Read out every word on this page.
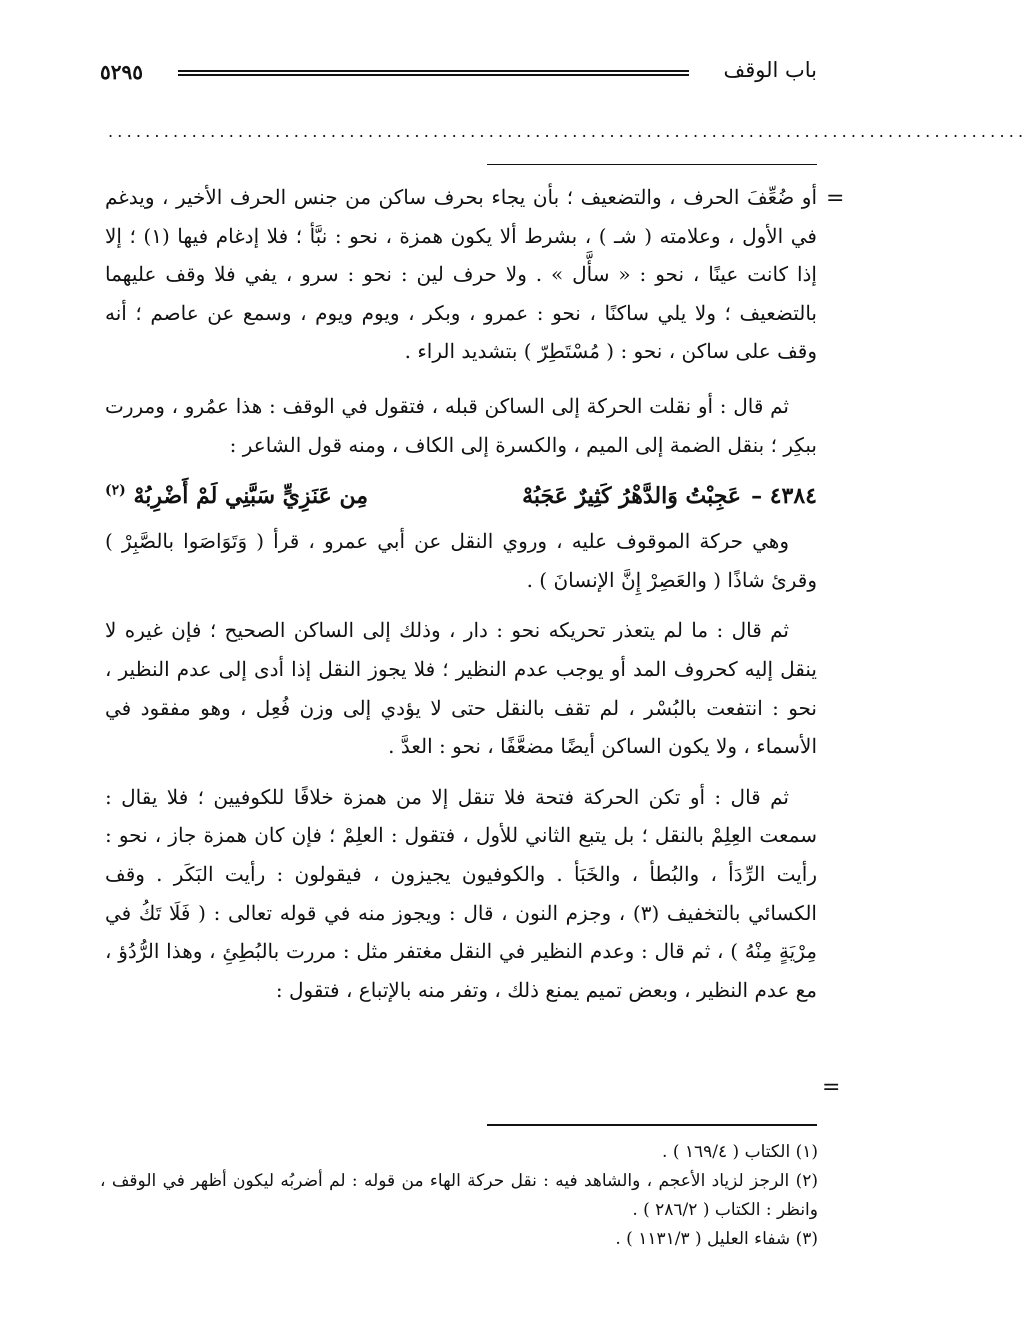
باب الوقف
٥٢٩٥
...................................................................................................
=

أو ضُعِّفَ الحرف ، والتضعيف ؛ بأن يجاء بحرف ساكن من جنس الحرف الأخير ، ويدغم في الأول ، وعلامته ( شـ ) ، بشرط ألا يكون همزة ، نحو : نبَّأ ؛ فلا إدغام فيها (١) ؛ إلا إذا كانت عينًا ، نحو : « سأَّل » . ولا حرف لين : نحو : سرو ، يفي فلا وقف عليهما بالتضعيف ؛ ولا يلي ساكنًا ، نحو : عمرو ، وبكر ، ويوم ويوم ، وسمع عن عاصم ؛ أنه وقف على ساكن ، نحو : ( مُسْتَطِرّ ) بتشديد الراء .

ثم قال : أو نقلت الحركة إلى الساكن قبله ، فتقول في الوقف : هذا عمُرو ، ومررت ببكِر ؛ بنقل الضمة إلى الميم ، والكسرة إلى الكاف ، ومنه قول الشاعر :

٤٣٨٤ –عَجِبْتُ وَالدَّهْرُ كَثِيرٌ عَجَبُهْ
مِن عَنَزِيٍّ سَبَّنِي لَمْ أَضْرِبُهْ $^{(٢)}$

وهي حركة الموقوف عليه ، وروي النقل عن أبي عمرو ، قرأ ( وَتَوَاصَوا بالصَّبِرْ ) وقرئ شاذًا ( والعَصِرْ إِنَّ الإنسانَ ) .

ثم قال : ما لم يتعذر تحريكه نحو : دار ، وذلك إلى الساكن الصحيح ؛ فإن غيره لا ينقل إليه كحروف المد أو يوجب عدم النظير ؛ فلا يجوز النقل إذا أدى إلى عدم النظير ، نحو : انتفعت بالبُسْر ، لم تقف بالنقل حتى لا يؤدي إلى وزن فُعِل ، وهو مفقود في الأسماء ، ولا يكون الساكن أيضًا مضعَّفًا ، نحو : العدَّ .

ثم قال : أو تكن الحركة فتحة فلا تنقل إلا من همزة خلافًا للكوفيين ؛ فلا يقال : سمعت العِلِمْ بالنقل ؛ بل يتبع الثاني للأول ، فتقول : العلِمْ ؛ فإن كان همزة جاز ، نحو : رأيت الرِّدَأ ، والبُطأ ، والخَبَأ . والكوفيون يجيزون ، فيقولون : رأيت البَكَر . وقف الكسائي بالتخفيف (٣) ، وجزم النون ، قال : ويجوز منه في قوله تعالى : ( فَلَا تَكُ في مِرْيَةٍ مِنْهُ ) ، ثم قال : وعدم النظير في النقل مغتفر مثل : مررت بالبُطِئِ ، وهذا الرُّدُؤ ، مع عدم النظير ، وبعض تميم يمنع ذلك ، وتفر منه بالإتباع ، فتقول :

=
(١) الكتاب ( ١٦٩/٤ ) .
(٢) الرجز لزياد الأعجم ، والشاهد فيه : نقل حركة الهاء من قوله : لم أضربُه ليكون أظهر في الوقف ، وانظر : الكتاب ( ٢٨٦/٢ ) .
(٣) شفاء العليل ( ١١٣١/٣ ) .
